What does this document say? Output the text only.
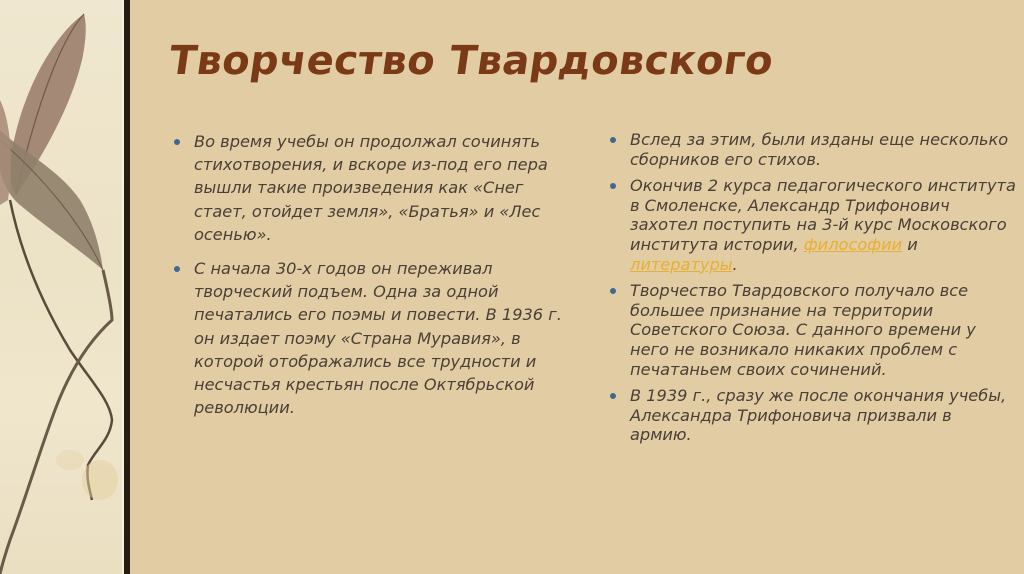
Творчество Твардовского
Во время учебы он продолжал сочинять стихотворения, и вскоре из-под его пера вышли такие произведения как «Снег стает, отойдет земля», «Братья» и «Лес осенью».
С начала 30-х годов он переживал творческий подъем. Одна за одной печатались его поэмы и повести. В 1936 г. он издает поэму «Страна Муравия», в которой отображались все трудности и несчастья крестьян после Октябрьской революции.
Вслед за этим, были изданы еще несколько сборников его стихов.
Окончив 2 курса педагогического института в Смоленске, Александр Трифонович захотел поступить на 3-й курс Московского института истории, философии и литературы.
Творчество Твардовского получало все большее признание на территории Советского Союза. С данного времени у него не возникало никаких проблем с печатаньем своих сочинений.
В 1939 г., сразу же после окончания учебы, Александра Трифоновича призвали в армию.
